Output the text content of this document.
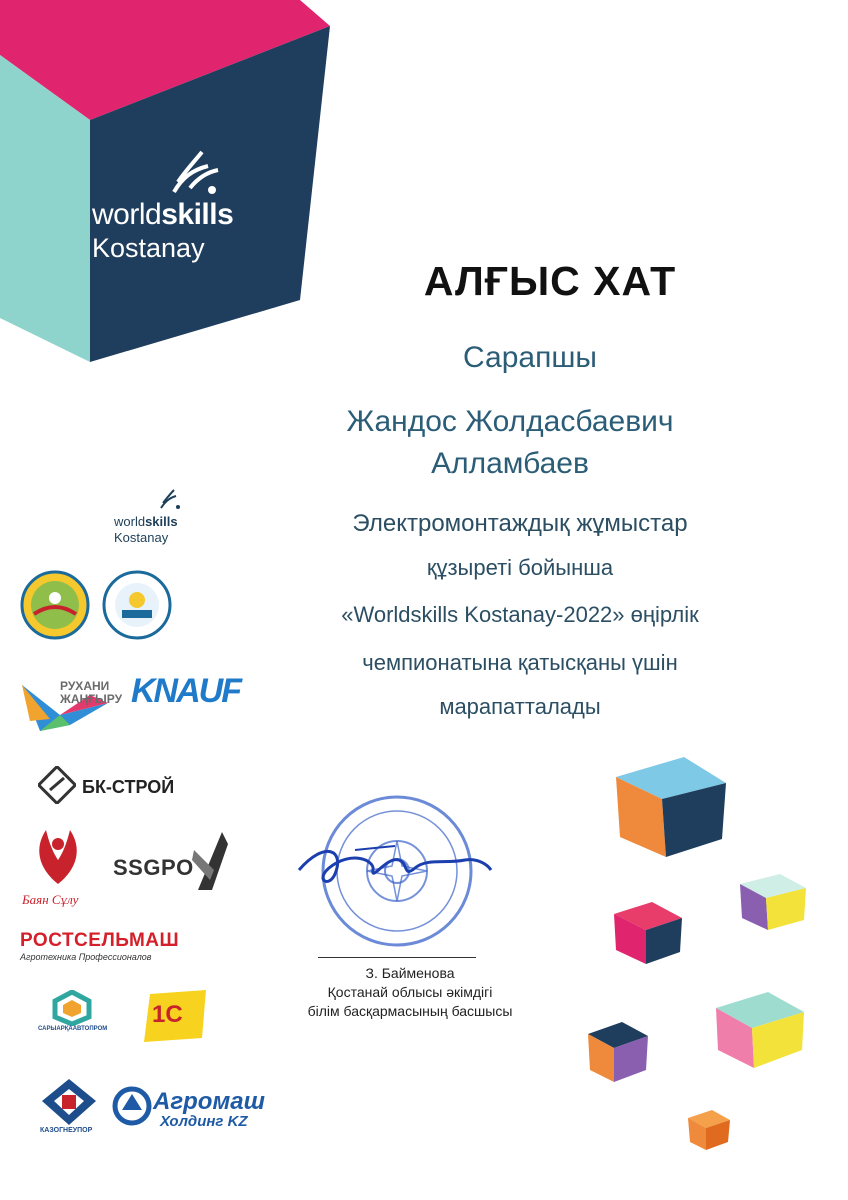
worldskills
Kostanay
АЛҒЫС ХАТ
Сарапшы
Жандос Жолдасбаевич
Алламбаев
Электромонтаждық жұмыстар
құзыреті бойынша
«Worldskills Kostanay-2022» өңірлік
чемпионатына қатысқаны үшін
марапатталады
worldskills
Kostanay
РУХАНИ
ЖАҢҒЫРУ KNAUF
БК-СТРОЙ
Баян Сұлу
SSGPO
РОСТСЕЛЬМАШ
Агротехника Профессионалов
САРЫАРҚААВТОПРОМ
1С
КАЗОГНЕУПОР
Агромаш
Холдинг KZ
З. Байменова
Қостанай облысы әкімдігі
білім басқармасының басшысы
